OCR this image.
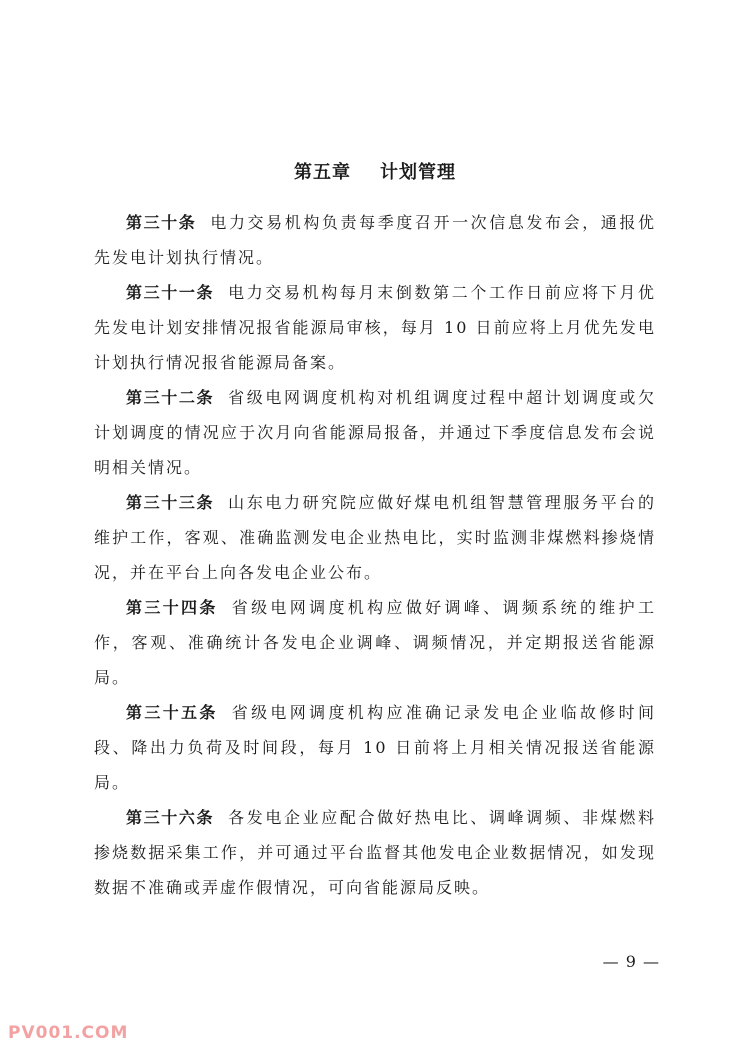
第五章    计划管理

第三十条 电力交易机构负责每季度召开一次信息发布会，通报优先发电计划执行情况。

第三十一条 电力交易机构每月末倒数第二个工作日前应将下月优先发电计划安排情况报省能源局审核，每月 10 日前应将上月优先发电计划执行情况报省能源局备案。

第三十二条 省级电网调度机构对机组调度过程中超计划调度或欠计划调度的情况应于次月向省能源局报备，并通过下季度信息发布会说明相关情况。

第三十三条 山东电力研究院应做好煤电机组智慧管理服务平台的维护工作，客观、准确监测发电企业热电比，实时监测非煤燃料掺烧情况，并在平台上向各发电企业公布。

第三十四条 省级电网调度机构应做好调峰、调频系统的维护工作，客观、准确统计各发电企业调峰、调频情况，并定期报送省能源局。

第三十五条 省级电网调度机构应准确记录发电企业临故修时间段、降出力负荷及时间段，每月 10 日前将上月相关情况报送省能源局。

第三十六条 各发电企业应配合做好热电比、调峰调频、非煤燃料掺烧数据采集工作，并可通过平台监督其他发电企业数据情况，如发现数据不准确或弄虚作假情况，可向省能源局反映。

— 9 —
PV001.COM
